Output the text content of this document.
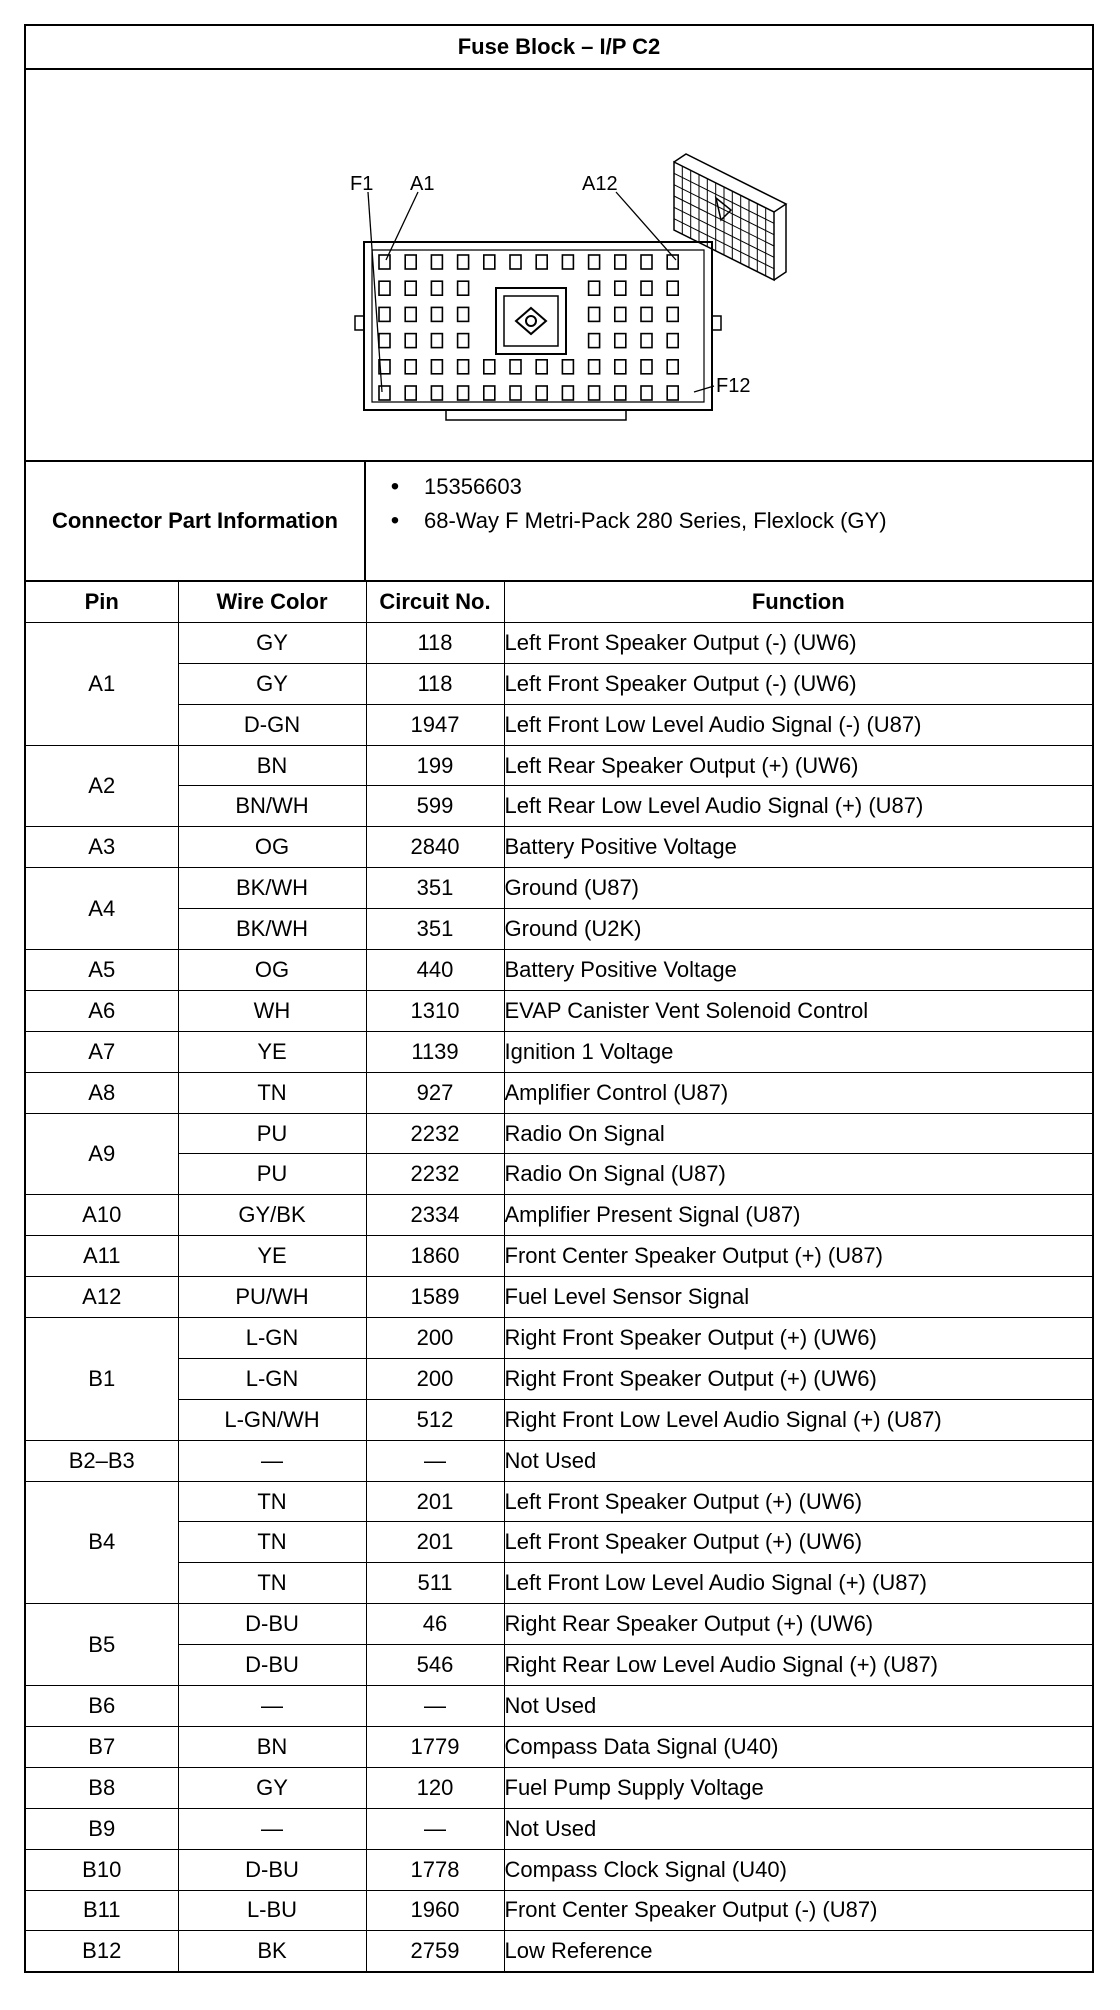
Fuse Block – I/P C2
F1 A1	A12
F12
Connector Part Information
•	15356603
•	68-Way F Metri-Pack 280 Series, Flexlock (GY)
Pin	Wire Color	Circuit No.	Function
A1	GY	118	Left Front Speaker Output (-) (UW6)
	GY	118	Left Front Speaker Output (-) (UW6)
	D-GN	1947	Left Front Low Level Audio Signal (-) (U87)
A2	BN	199	Left Rear Speaker Output (+) (UW6)
	BN/WH	599	Left Rear Low Level Audio Signal (+) (U87)
A3	OG	2840	Battery Positive Voltage
A4	BK/WH	351	Ground (U87)
	BK/WH	351	Ground (U2K)
A5	OG	440	Battery Positive Voltage
A6	WH	1310	EVAP Canister Vent Solenoid Control
A7	YE	1139	Ignition 1 Voltage
A8	TN	927	Amplifier Control (U87)
A9	PU	2232	Radio On Signal
	PU	2232	Radio On Signal (U87)
A10	GY/BK	2334	Amplifier Present Signal (U87)
A11	YE	1860	Front Center Speaker Output (+) (U87)
A12	PU/WH	1589	Fuel Level Sensor Signal
B1	L-GN	200	Right Front Speaker Output (+) (UW6)
	L-GN	200	Right Front Speaker Output (+) (UW6)
	L-GN/WH	512	Right Front Low Level Audio Signal (+) (U87)
B2–B3	—	—	Not Used
B4	TN	201	Left Front Speaker Output (+) (UW6)
	TN	201	Left Front Speaker Output (+) (UW6)
	TN	511	Left Front Low Level Audio Signal (+) (U87)
B5	D-BU	46	Right Rear Speaker Output (+) (UW6)
	D-BU	546	Right Rear Low Level Audio Signal (+) (U87)
B6	—	—	Not Used
B7	BN	1779	Compass Data Signal (U40)
B8	GY	120	Fuel Pump Supply Voltage
B9	—	—	Not Used
B10	D-BU	1778	Compass Clock Signal (U40)
B11	L-BU	1960	Front Center Speaker Output (-) (U87)
B12	BK	2759	Low Reference
